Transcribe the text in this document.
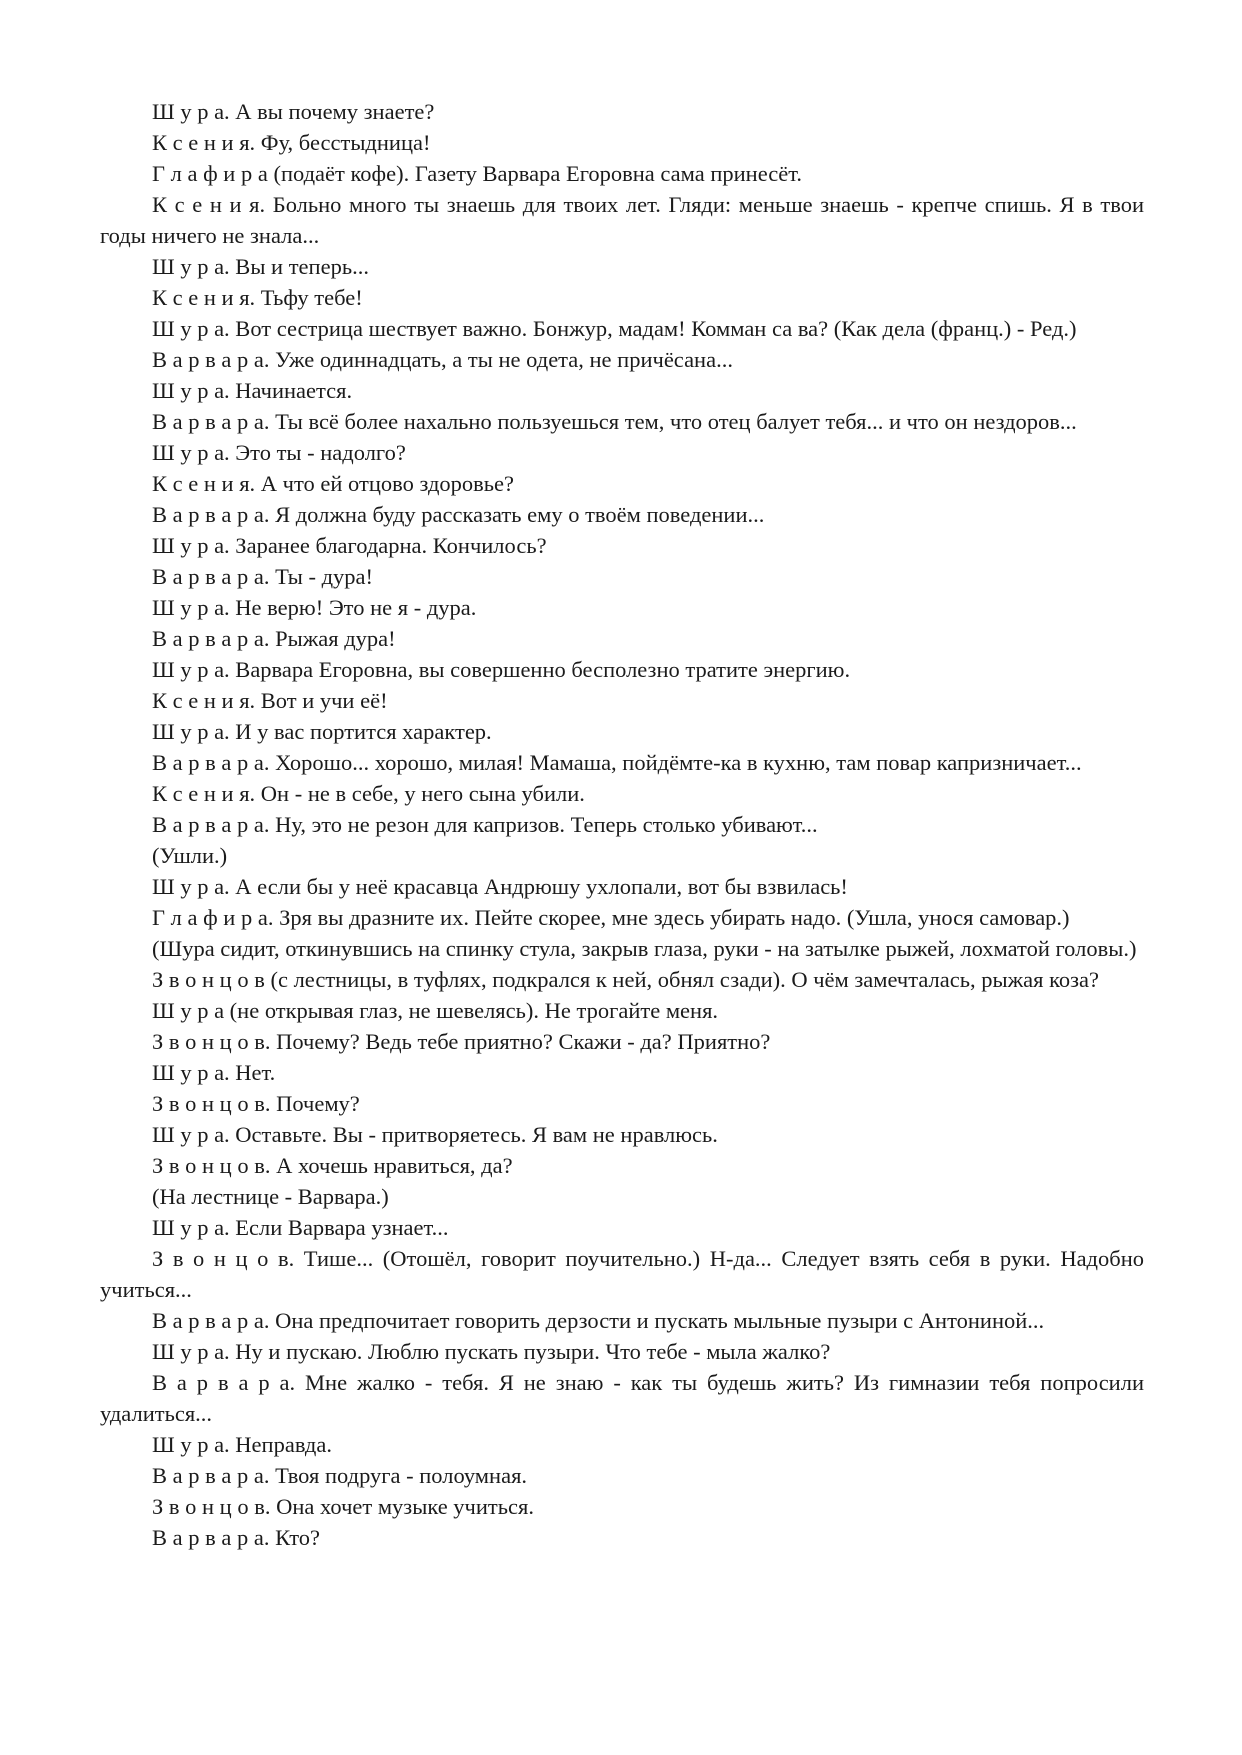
Ш у р а. А вы почему знаете?

К с е н и я. Фу, бесстыдница!

Г л а ф и р а (подаёт кофе). Газету Варвара Егоровна сама принесёт.

К с е н и я. Больно много ты знаешь для твоих лет. Гляди: меньше знаешь - крепче спишь. Я в твои годы ничего не знала...

Ш у р а. Вы и теперь...

К с е н и я. Тьфу тебе!

Ш у р а. Вот сестрица шествует важно. Бонжур, мадам! Комман са ва? (Как дела (франц.) - Ред.)

В а р в а р а. Уже одиннадцать, а ты не одета, не причёсана...

Ш у р а. Начинается.

В а р в а р а. Ты всё более нахально пользуешься тем, что отец балует тебя... и что он нездоров...

Ш у р а. Это ты - надолго?

К с е н и я. А что ей отцово здоровье?

В а р в а р а. Я должна буду рассказать ему о твоём поведении...

Ш у р а. Заранее благодарна. Кончилось?

В а р в а р а. Ты - дура!

Ш у р а. Не верю! Это не я - дура.

В а р в а р а. Рыжая дура!

Ш у р а. Варвара Егоровна, вы совершенно бесполезно тратите энергию.

К с е н и я. Вот и учи её!

Ш у р а. И у вас портится характер.

В а р в а р а. Хорошо... хорошо, милая! Мамаша, пойдёмте-ка в кухню, там повар капризничает...

К с е н и я. Он - не в себе, у него сына убили.

В а р в а р а. Ну, это не резон для капризов. Теперь столько убивают...

(Ушли.)

Ш у р а. А если бы у неё красавца Андрюшу ухлопали, вот бы взвилась!

Г л а ф и р а. Зря вы дразните их. Пейте скорее, мне здесь убирать надо. (Ушла, унося самовар.)

(Шура сидит, откинувшись на спинку стула, закрыв глаза, руки - на затылке рыжей, лохматой головы.)

З в о н ц о в (с лестницы, в туфлях, подкрался к ней, обнял сзади). О чём замечталась, рыжая коза?

Ш у р а (не открывая глаз, не шевелясь). Не трогайте меня.

З в о н ц о в. Почему? Ведь тебе приятно? Скажи - да? Приятно?

Ш у р а. Нет.

З в о н ц о в. Почему?

Ш у р а. Оставьте. Вы - притворяетесь. Я вам не нравлюсь.

З в о н ц о в. А хочешь нравиться, да?

(На лестнице - Варвара.)

Ш у р а. Если Варвара узнает...

З в о н ц о в. Тише... (Отошёл, говорит поучительно.) Н-да... Следует взять себя в руки. Надобно учиться...

В а р в а р а. Она предпочитает говорить дерзости и пускать мыльные пузыри с Антониной...

Ш у р а. Ну и пускаю. Люблю пускать пузыри. Что тебе - мыла жалко?

В а р в а р а. Мне жалко - тебя. Я не знаю - как ты будешь жить? Из гимназии тебя попросили удалиться...

Ш у р а. Неправда.

В а р в а р а. Твоя подруга - полоумная.

З в о н ц о в. Она хочет музыке учиться.

В а р в а р а. Кто?
